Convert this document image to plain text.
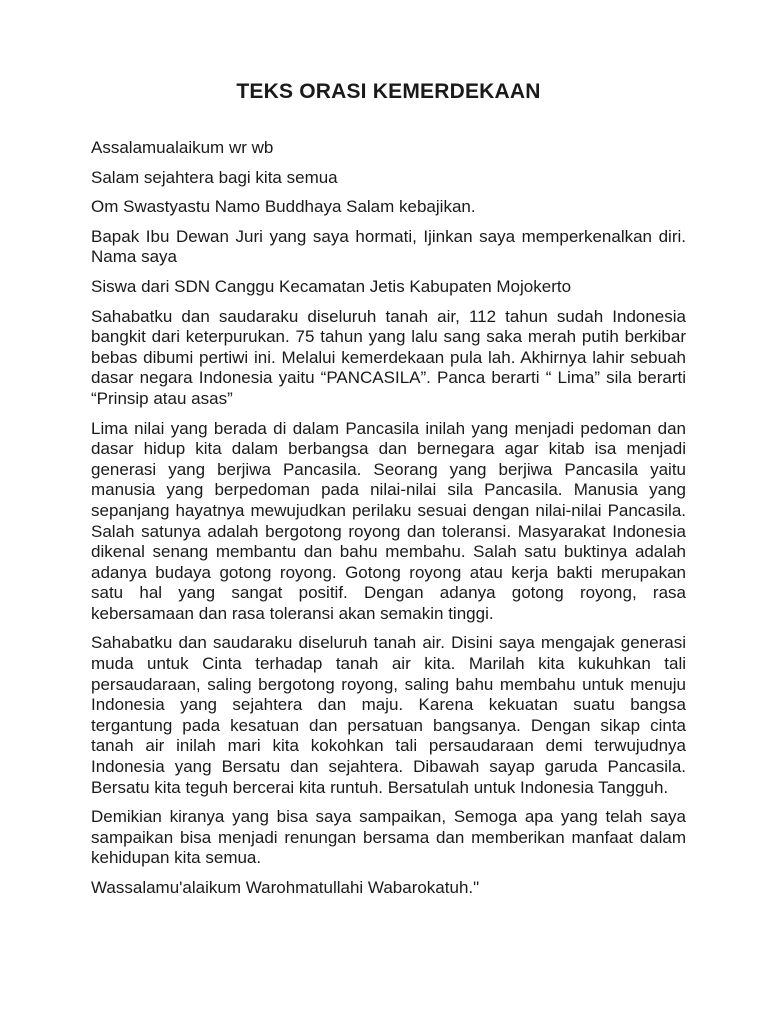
TEKS ORASI KEMERDEKAAN

Assalamualaikum wr wb

Salam sejahtera bagi kita semua

Om Swastyastu Namo Buddhaya Salam kebajikan.

Bapak Ibu Dewan Juri yang saya hormati, Ijinkan saya memperkenalkan diri. Nama saya

Siswa dari SDN Canggu Kecamatan Jetis Kabupaten Mojokerto

Sahabatku dan saudaraku diseluruh tanah air, 112 tahun sudah Indonesia bangkit dari keterpurukan. 75 tahun yang lalu sang saka merah putih berkibar bebas dibumi pertiwi ini. Melalui kemerdekaan pula lah. Akhirnya lahir sebuah dasar negara Indonesia yaitu “PANCASILA”. Panca berarti “ Lima” sila berarti “Prinsip atau asas”

Lima nilai yang berada di dalam Pancasila inilah yang menjadi pedoman dan dasar hidup kita dalam berbangsa dan bernegara agar kitab isa menjadi generasi yang berjiwa Pancasila. Seorang yang berjiwa Pancasila yaitu manusia yang berpedoman pada nilai-nilai sila Pancasila. Manusia yang sepanjang hayatnya mewujudkan perilaku sesuai dengan nilai-nilai Pancasila. Salah satunya adalah bergotong royong dan toleransi. Masyarakat Indonesia dikenal senang membantu dan bahu membahu. Salah satu buktinya adalah adanya budaya gotong royong. Gotong royong atau kerja bakti merupakan satu hal yang sangat positif. Dengan adanya gotong royong, rasa kebersamaan dan rasa toleransi akan semakin tinggi.

Sahabatku dan saudaraku diseluruh tanah air. Disini saya mengajak generasi muda untuk Cinta terhadap tanah air kita. Marilah kita kukuhkan tali persaudaraan, saling bergotong royong, saling bahu membahu untuk menuju Indonesia yang sejahtera dan maju. Karena kekuatan suatu bangsa tergantung pada kesatuan dan persatuan bangsanya. Dengan sikap cinta tanah air inilah mari kita kokohkan tali persaudaraan demi terwujudnya Indonesia yang Bersatu dan sejahtera. Dibawah sayap garuda Pancasila. Bersatu kita teguh bercerai kita runtuh. Bersatulah untuk Indonesia Tangguh.

Demikian kiranya yang bisa saya sampaikan, Semoga apa yang telah saya sampaikan bisa menjadi renungan bersama dan memberikan manfaat dalam kehidupan kita semua.

Wassalamu'alaikum Warohmatullahi Wabarokatuh."
